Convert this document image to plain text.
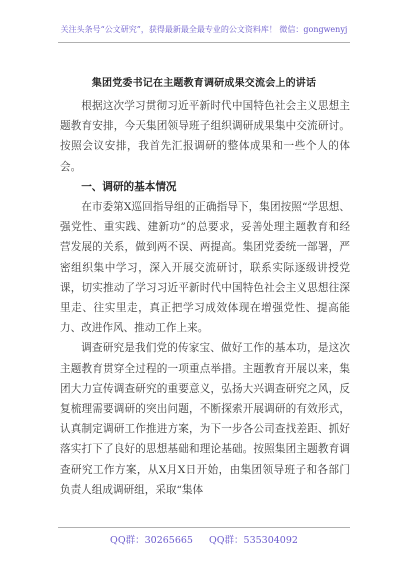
关注头条号“公文研究”，获得最新最全最专业的公文资料库！ 微信：gongwenyj
集团党委书记在主题教育调研成果交流会上的讲话

根据这次学习贯彻习近平新时代中国特色社会主义思想主题教育安排，今天集团领导班子组织调研成果集中交流研讨。按照会议安排，我首先汇报调研的整体成果和一些个人的体会。

一、调研的基本情况

在市委第X巡回指导组的正确指导下，集团按照“学思想、强党性、重实践、建新功”的总要求，妥善处理主题教育和经营发展的关系，做到两不误、两提高。集团党委统一部署，严密组织集中学习，深入开展交流研讨，联系实际逐级讲授党课，切实推动了学习习近平新时代中国特色社会主义思想往深里走、往实里走，真正把学习成效体现在增强党性、提高能力、改进作风、推动工作上来。

调查研究是我们党的传家宝、做好工作的基本功，是这次主题教育贯穿全过程的一项重点举措。主题教育开展以来，集团大力宣传调查研究的重要意义，弘扬大兴调查研究之风，反复梳理需要调研的突出问题，不断探索开展调研的有效形式，认真制定调研工作推进方案，为下一步各公司查找差距、抓好落实打下了良好的思想基础和理论基础。按照集团主题教育调查研究工作方案，从X月X日开始，由集团领导班子和各部门负责人组成调研组，采取“集体

QQ群：30265665 QQ群：535304092
